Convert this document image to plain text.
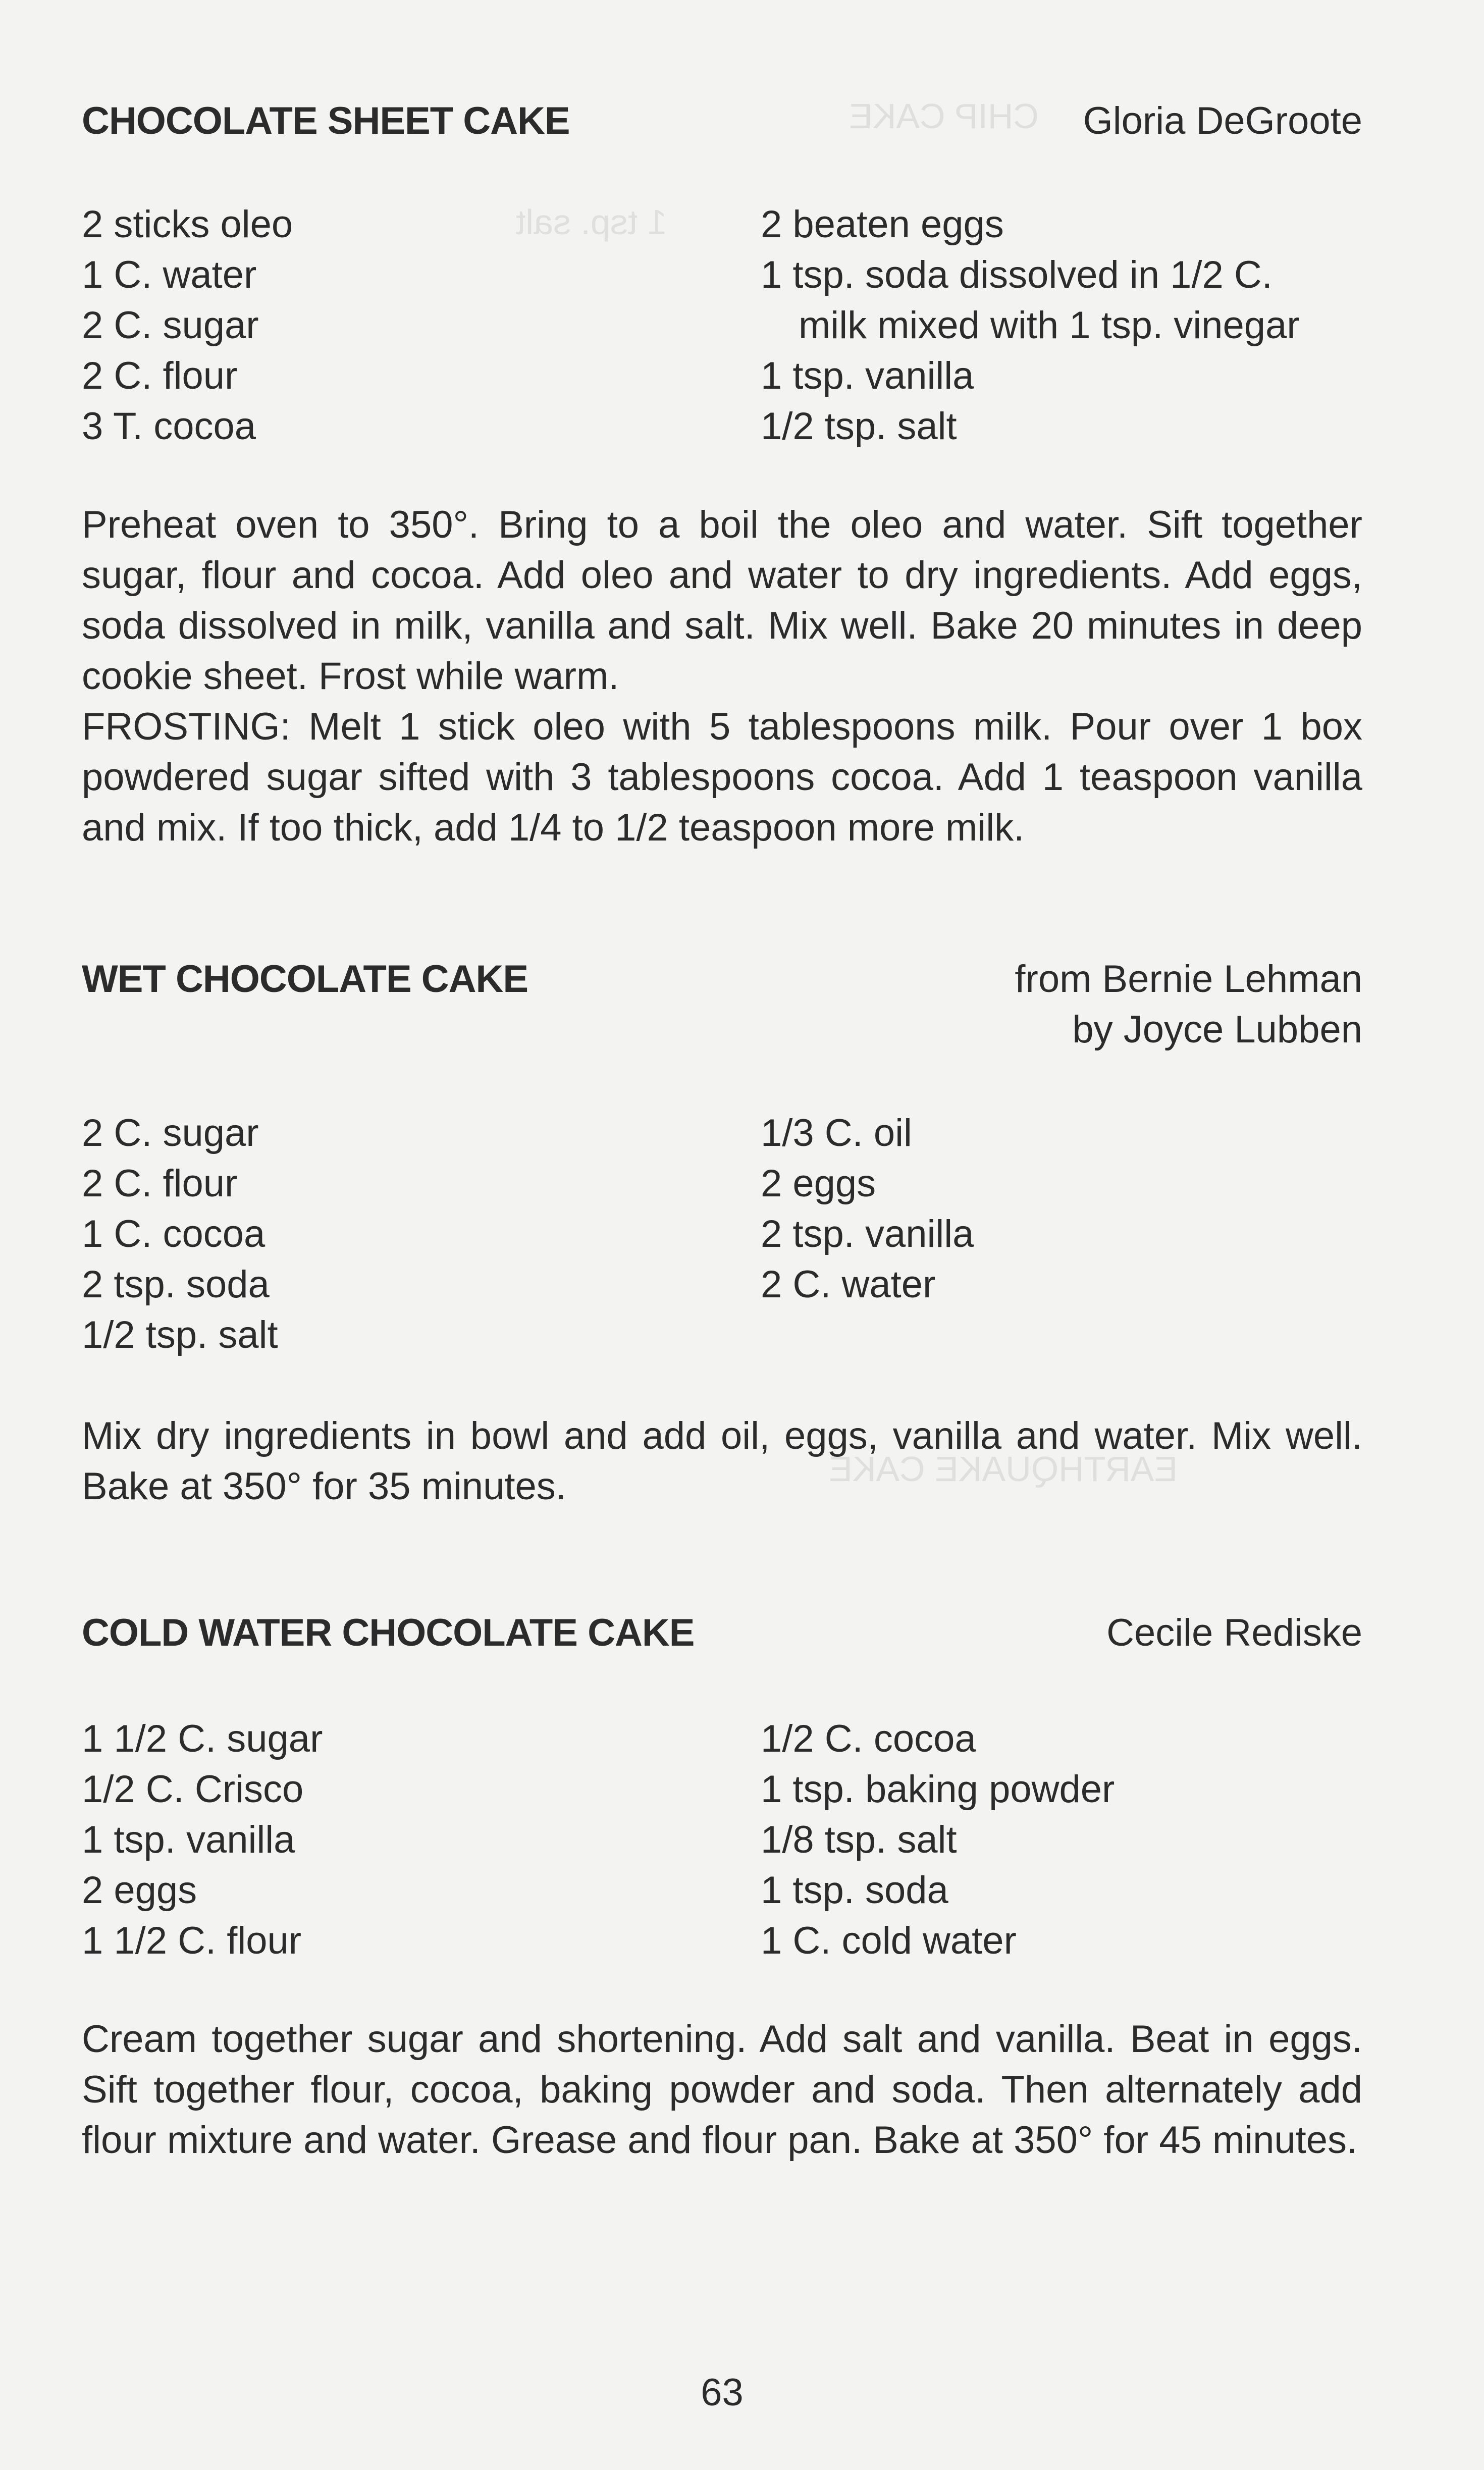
CHIP CAKE
1 tsp. salt
EARTHQUAKE CAKE
CHOCOLATE SHEET CAKE	Gloria DeGroote
2 sticks oleo
1 C. water
2 C. sugar
2 C. flour
3 T. cocoa
2 beaten eggs
1 tsp. soda dissolved in 1/2 C.
milk mixed with 1 tsp. vinegar
1 tsp. vanilla
1/2 tsp. salt

Preheat oven to 350°. Bring to a boil the oleo and water. Sift together sugar, flour and cocoa. Add oleo and water to dry ingredients. Add eggs, soda dissolved in milk, vanilla and salt. Mix well. Bake 20 minutes in deep cookie sheet. Frost while warm.

FROSTING: Melt 1 stick oleo with 5 tablespoons milk. Pour over 1 box powdered sugar sifted with 3 tablespoons cocoa. Add 1 teaspoon vanilla and mix. If too thick, add 1/4 to 1/2 teaspoon more milk.

WET CHOCOLATE CAKE	from Bernie Lehman
by Joyce Lubben
2 C. sugar
2 C. flour
1 C. cocoa
2 tsp. soda
1/2 tsp. salt
1/3 C. oil
2 eggs
2 tsp. vanilla
2 C. water

Mix dry ingredients in bowl and add oil, eggs, vanilla and water. Mix well. Bake at 350° for 35 minutes.

COLD WATER CHOCOLATE CAKE	Cecile Rediske
1 1/2 C. sugar
1/2 C. Crisco
1 tsp. vanilla
2 eggs
1 1/2 C. flour
1/2 C. cocoa
1 tsp. baking powder
1/8 tsp. salt
1 tsp. soda
1 C. cold water

Cream together sugar and shortening. Add salt and vanilla. Beat in eggs. Sift together flour, cocoa, baking powder and soda. Then alternately add flour mixture and water. Grease and flour pan. Bake at 350° for 45 minutes.

63
